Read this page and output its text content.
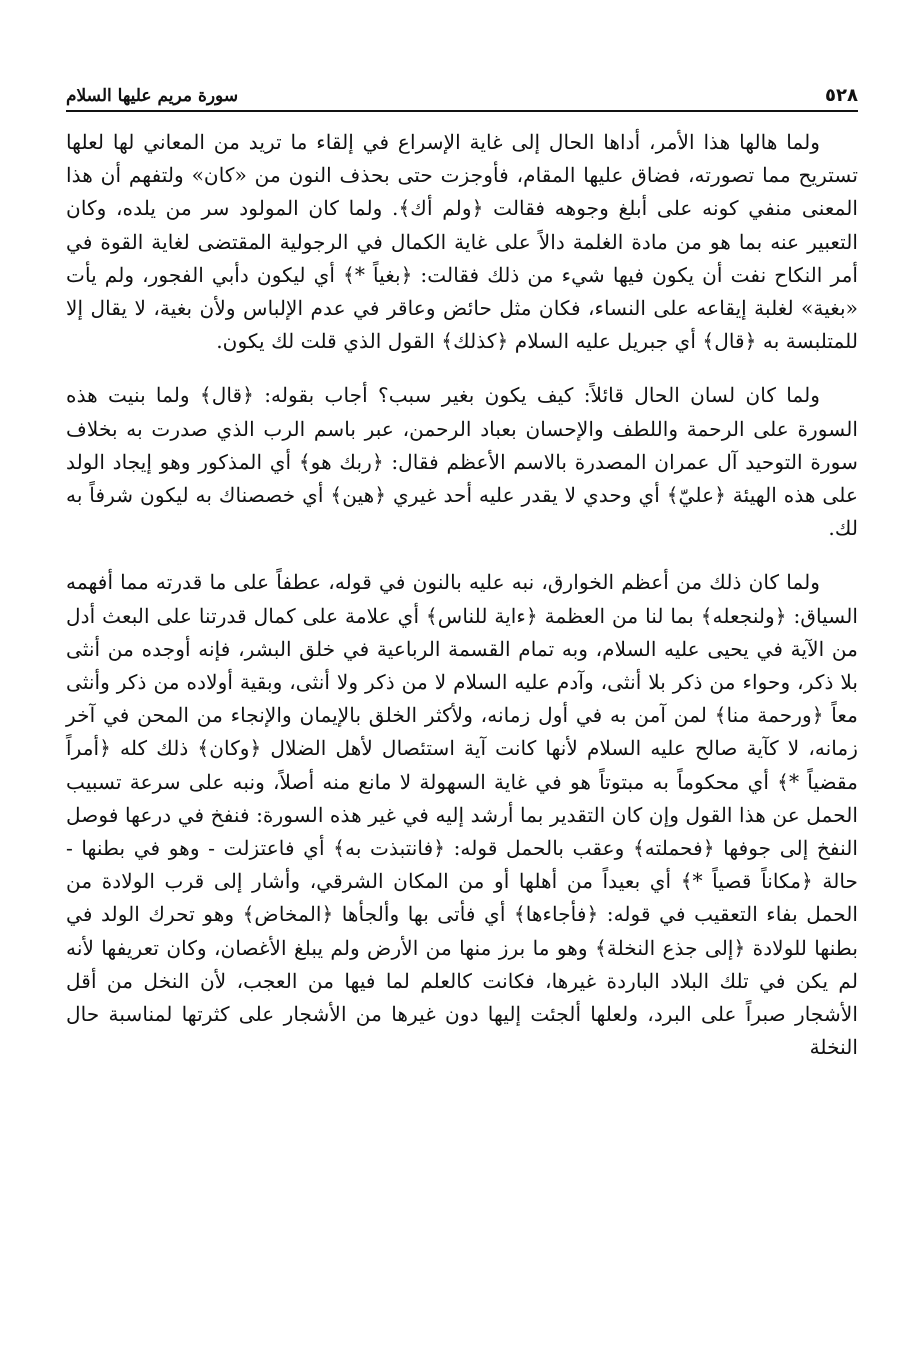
٥٢٨
سورة مريم عليها السلام

ولما هالها هذا الأمر، أداها الحال إلى غاية الإسراع في إلقاء ما تريد من المعاني لها لعلها تستريح مما تصورته، فضاق عليها المقام، فأوجزت حتى بحذف النون من «كان» ولتفهم أن هذا المعنى منفي كونه على أبلغ وجوهه فقالت ﴿ولم أك﴾. ولما كان المولود سر من يلده، وكان التعبير عنه بما هو من مادة الغلمة دالاً على غاية الكمال في الرجولية المقتضى لغاية القوة في أمر النكاح نفت أن يكون فيها شيء من ذلك فقالت: ﴿بغياً *﴾ أي ليكون دأبي الفجور، ولم يأت «بغية» لغلبة إيقاعه على النساء، فكان مثل حائض وعاقر في عدم الإلباس ولأن بغية، لا يقال إلا للمتلبسة به ﴿قال﴾ أي جبريل عليه السلام ﴿كذلك﴾ القول الذي قلت لك يكون.

ولما كان لسان الحال قائلاً: كيف يكون بغير سبب؟ أجاب بقوله: ﴿قال﴾ ولما بنيت هذه السورة على الرحمة واللطف والإحسان بعباد الرحمن، عبر باسم الرب الذي صدرت به بخلاف سورة التوحيد آل عمران المصدرة بالاسم الأعظم فقال: ﴿ربك هو﴾ أي المذكور وهو إيجاد الولد على هذه الهيئة ﴿عليّ﴾ أي وحدي لا يقدر عليه أحد غيري ﴿هين﴾ أي خصصناك به ليكون شرفاً به لك.

ولما كان ذلك من أعظم الخوارق، نبه عليه بالنون في قوله، عطفاً على ما قدرته مما أفهمه السياق: ﴿ولنجعله﴾ بما لنا من العظمة ﴿ءاية للناس﴾ أي علامة على كمال قدرتنا على البعث أدل من الآية في يحيى عليه السلام، وبه تمام القسمة الرباعية في خلق البشر، فإنه أوجده من أنثى بلا ذكر، وحواء من ذكر بلا أنثى، وآدم عليه السلام لا من ذكر ولا أنثى، وبقية أولاده من ذكر وأنثى معاً ﴿ورحمة منا﴾ لمن آمن به في أول زمانه، ولأكثر الخلق بالإيمان والإنجاء من المحن في آخر زمانه، لا كآية صالح عليه السلام لأنها كانت آية استئصال لأهل الضلال ﴿وكان﴾ ذلك كله ﴿أمراً مقضياً *﴾ أي محكوماً به مبتوتاً هو في غاية السهولة لا مانع منه أصلاً، ونبه على سرعة تسبيب الحمل عن هذا القول وإن كان التقدير بما أرشد إليه في غير هذه السورة: فنفخ في درعها فوصل النفخ إلى جوفها ﴿فحملته﴾ وعقب بالحمل قوله: ﴿فانتبذت به﴾ أي فاعتزلت - وهو في بطنها - حالة ﴿مكاناً قصياً *﴾ أي بعيداً من أهلها أو من المكان الشرقي، وأشار إلى قرب الولادة من الحمل بفاء التعقيب في قوله: ﴿فأجاءها﴾ أي فأتى بها وألجأها ﴿المخاض﴾ وهو تحرك الولد في بطنها للولادة ﴿إلى جذع النخلة﴾ وهو ما برز منها من الأرض ولم يبلغ الأغصان، وكان تعريفها لأنه لم يكن في تلك البلاد الباردة غيرها، فكانت كالعلم لما فيها من العجب، لأن النخل من أقل الأشجار صبراً على البرد، ولعلها ألجئت إليها دون غيرها من الأشجار على كثرتها لمناسبة حال النخلة
